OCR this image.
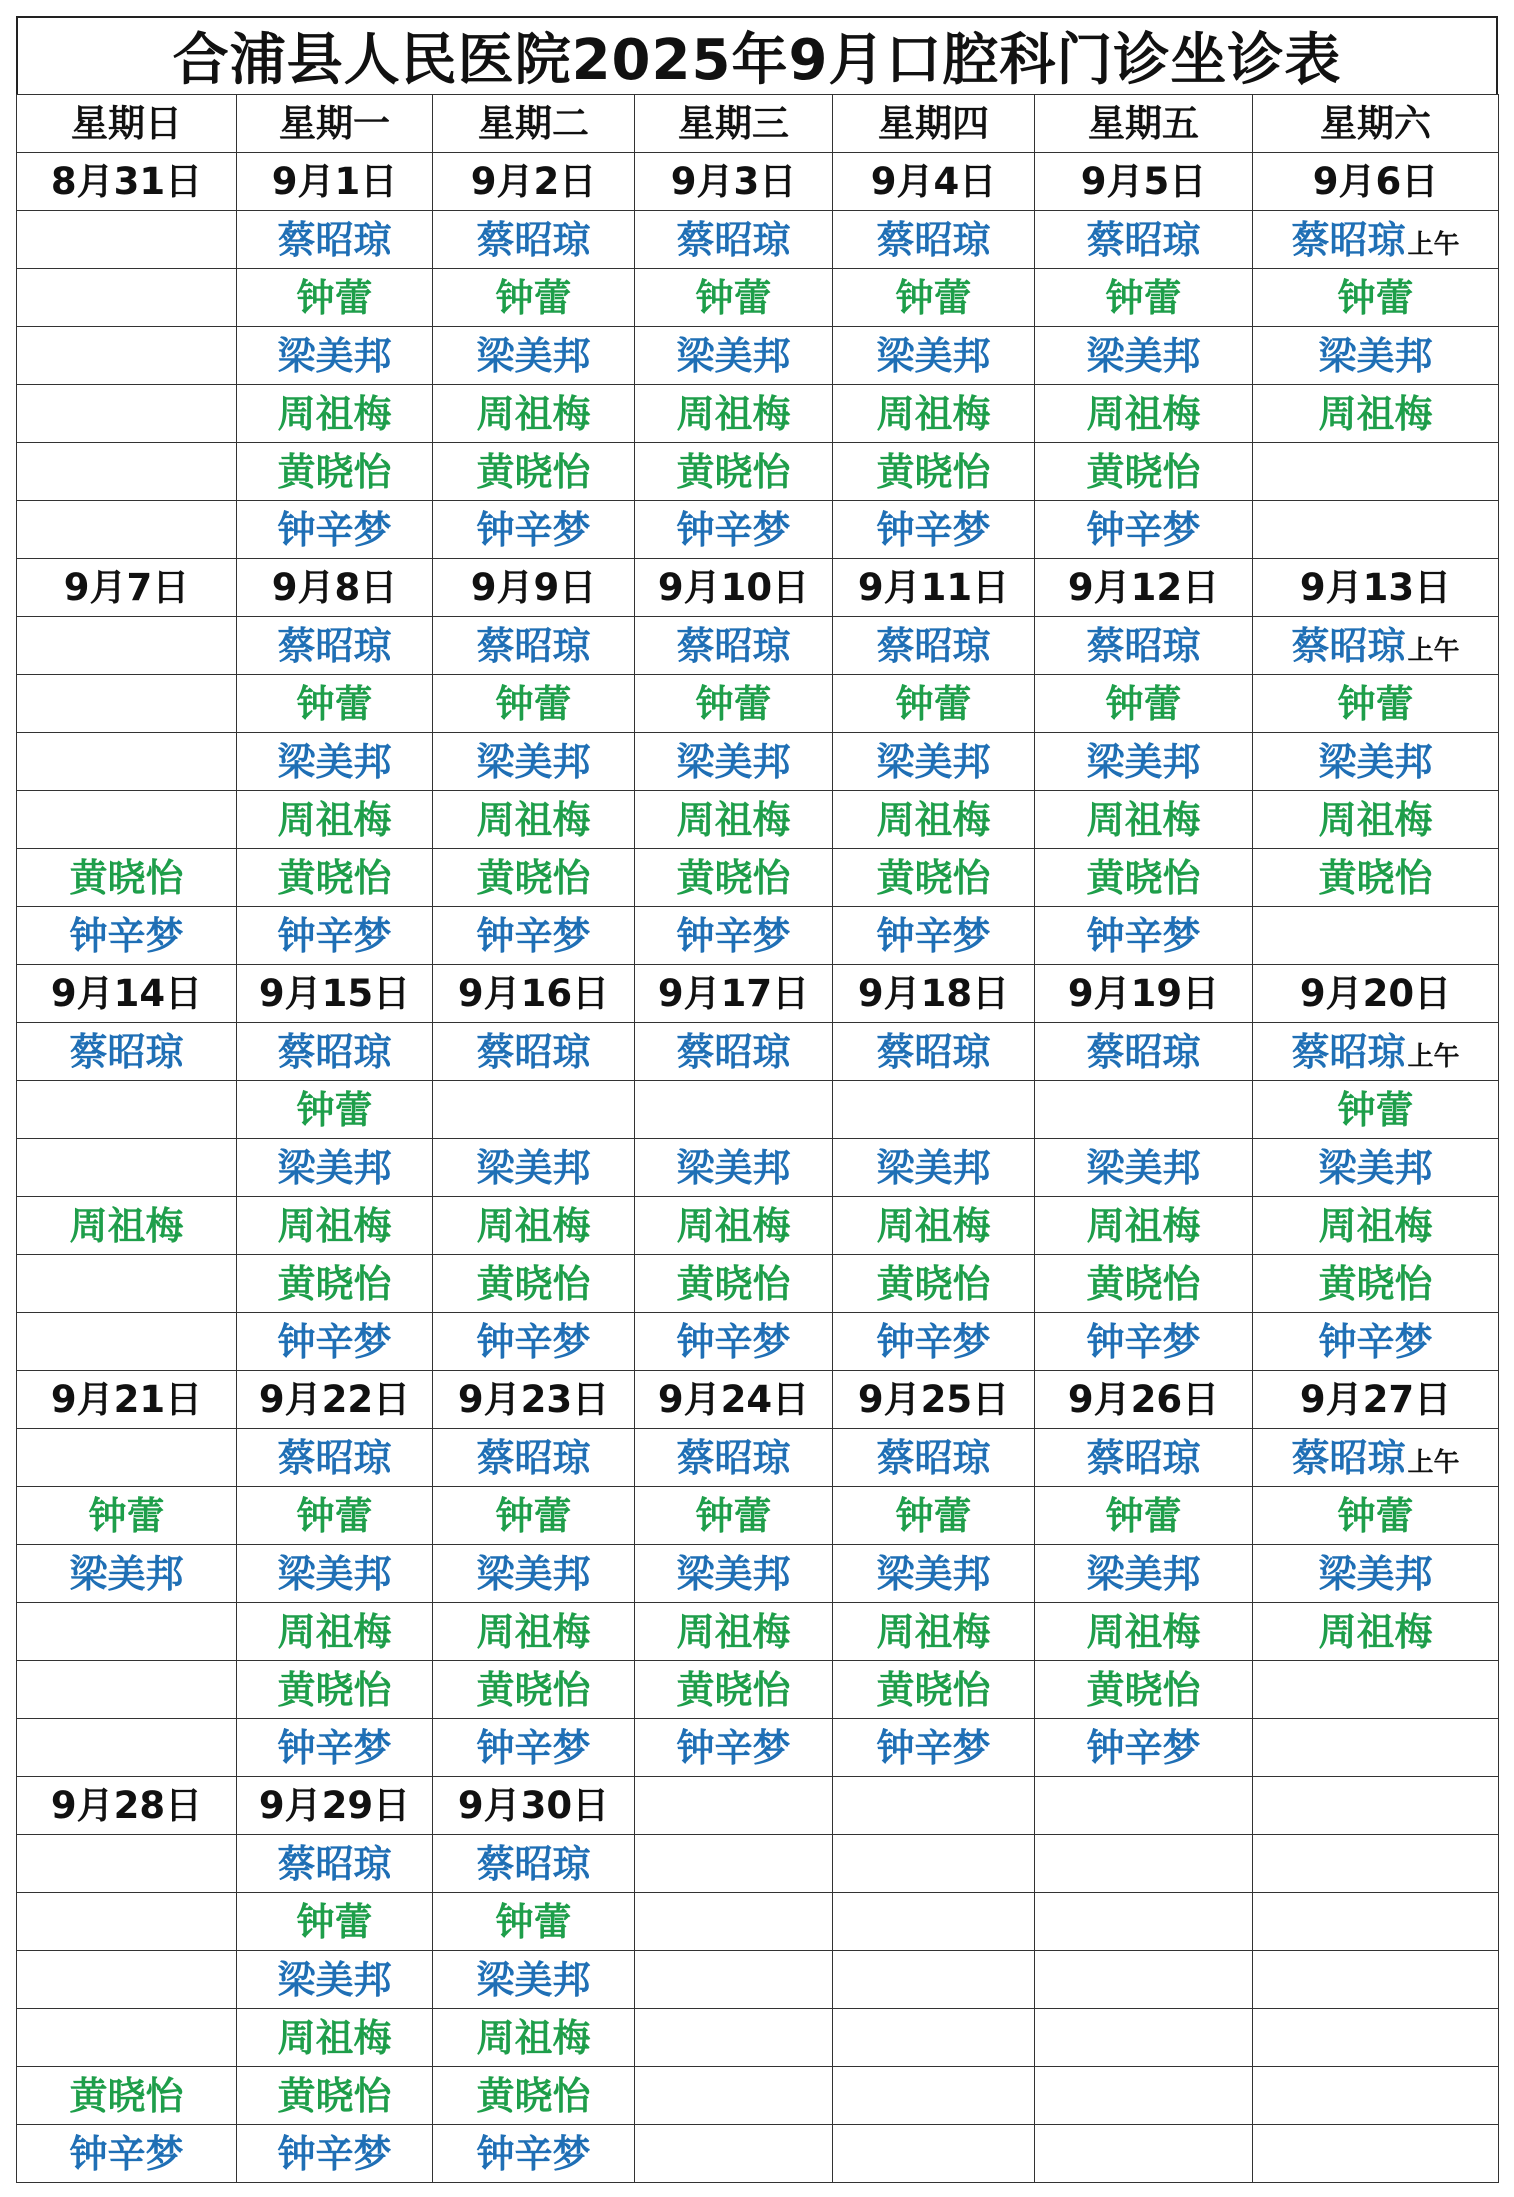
合浦县人民医院2025年9月口腔科门诊坐诊表
星期日	星期一	星期二	星期三	星期四	星期五	星期六
8月31日	9月1日	9月2日	9月3日	9月4日	9月5日	9月6日
	蔡昭琼	蔡昭琼	蔡昭琼	蔡昭琼	蔡昭琼	蔡昭琼上午
	钟蕾	钟蕾	钟蕾	钟蕾	钟蕾	钟蕾
	梁美邦	梁美邦	梁美邦	梁美邦	梁美邦	梁美邦
	周祖梅	周祖梅	周祖梅	周祖梅	周祖梅	周祖梅
	黄晓怡	黄晓怡	黄晓怡	黄晓怡	黄晓怡	
	钟辛梦	钟辛梦	钟辛梦	钟辛梦	钟辛梦	
9月7日	9月8日	9月9日	9月10日	9月11日	9月12日	9月13日
	蔡昭琼	蔡昭琼	蔡昭琼	蔡昭琼	蔡昭琼	蔡昭琼上午
	钟蕾	钟蕾	钟蕾	钟蕾	钟蕾	钟蕾
	梁美邦	梁美邦	梁美邦	梁美邦	梁美邦	梁美邦
	周祖梅	周祖梅	周祖梅	周祖梅	周祖梅	周祖梅
黄晓怡	黄晓怡	黄晓怡	黄晓怡	黄晓怡	黄晓怡	黄晓怡
钟辛梦	钟辛梦	钟辛梦	钟辛梦	钟辛梦	钟辛梦	
9月14日	9月15日	9月16日	9月17日	9月18日	9月19日	9月20日
蔡昭琼	蔡昭琼	蔡昭琼	蔡昭琼	蔡昭琼	蔡昭琼	蔡昭琼上午
	钟蕾					钟蕾
	梁美邦	梁美邦	梁美邦	梁美邦	梁美邦	梁美邦
周祖梅	周祖梅	周祖梅	周祖梅	周祖梅	周祖梅	周祖梅
	黄晓怡	黄晓怡	黄晓怡	黄晓怡	黄晓怡	黄晓怡
	钟辛梦	钟辛梦	钟辛梦	钟辛梦	钟辛梦	钟辛梦
9月21日	9月22日	9月23日	9月24日	9月25日	9月26日	9月27日
	蔡昭琼	蔡昭琼	蔡昭琼	蔡昭琼	蔡昭琼	蔡昭琼上午
钟蕾	钟蕾	钟蕾	钟蕾	钟蕾	钟蕾	钟蕾
梁美邦	梁美邦	梁美邦	梁美邦	梁美邦	梁美邦	梁美邦
	周祖梅	周祖梅	周祖梅	周祖梅	周祖梅	周祖梅
	黄晓怡	黄晓怡	黄晓怡	黄晓怡	黄晓怡	
	钟辛梦	钟辛梦	钟辛梦	钟辛梦	钟辛梦	
9月28日	9月29日	9月30日				
	蔡昭琼	蔡昭琼				
	钟蕾	钟蕾				
	梁美邦	梁美邦				
	周祖梅	周祖梅				
黄晓怡	黄晓怡	黄晓怡				
钟辛梦	钟辛梦	钟辛梦				
